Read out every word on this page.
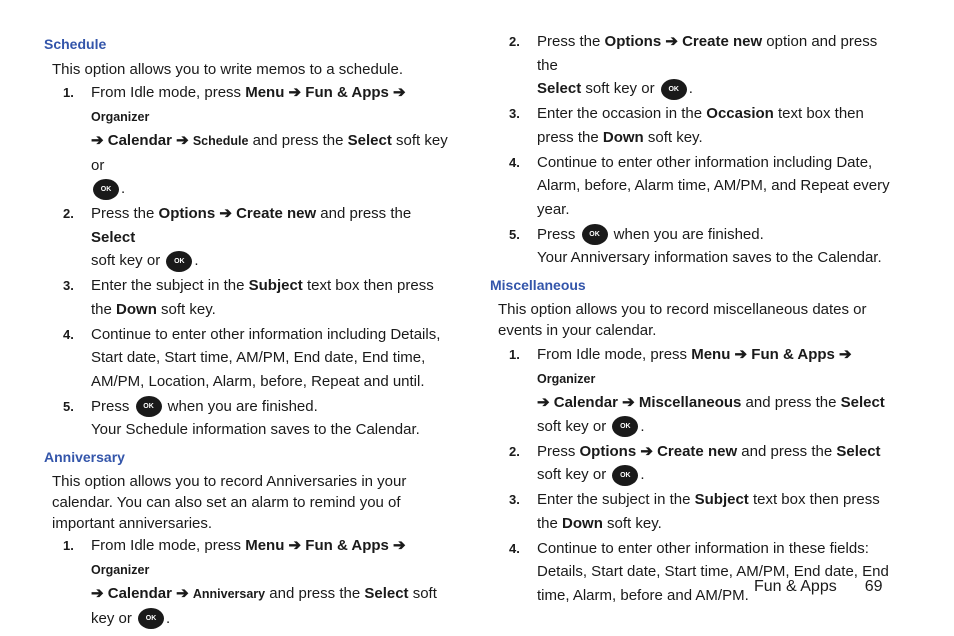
Schedule

This option allows you to write memos to a schedule.

1. From Idle mode, press Menu ➔ Fun & Apps ➔ Organizer
➔ Calendar ➔ Schedule and press the Select soft key or
OK .
2. Press the Options ➔ Create new and press the Select
soft key or OK .
3. Enter the subject in the Subject text box then press the Down soft key.
4. Continue to enter other information including Details, Start date, Start time, AM/PM, End date, End time, AM/PM, Location, Alarm, before, Repeat and until.
5. Press OK when you are finished.
Your Schedule information saves to the Calendar.
Anniversary

This option allows you to record Anniversaries in your calendar. You can also set an alarm to remind you of important anniversaries.

1. From Idle mode, press Menu ➔ Fun & Apps ➔ Organizer
➔ Calendar ➔ Anniversary and press the Select soft key or OK .
2. Press the Options ➔ Create new option and press the
Select soft key or OK .
3. Enter the occasion in the Occasion text box then press the Down soft key.
4. Continue to enter other information including Date, Alarm, before, Alarm time, AM/PM, and Repeat every year.
5. Press OK when you are finished.
Your Anniversary information saves to the Calendar.
Miscellaneous

This option allows you to record miscellaneous dates or events in your calendar.

1. From Idle mode, press Menu ➔ Fun & Apps ➔ Organizer
➔ Calendar ➔ Miscellaneous and press the Select soft key or OK .
2. Press Options ➔ Create new and press the Select soft key or OK .
3. Enter the subject in the Subject text box then press the Down soft key.
4. Continue to enter other information in these fields: Details, Start date, Start time, AM/PM, End date, End time, Alarm, before and AM/PM. Fun & Apps 69
